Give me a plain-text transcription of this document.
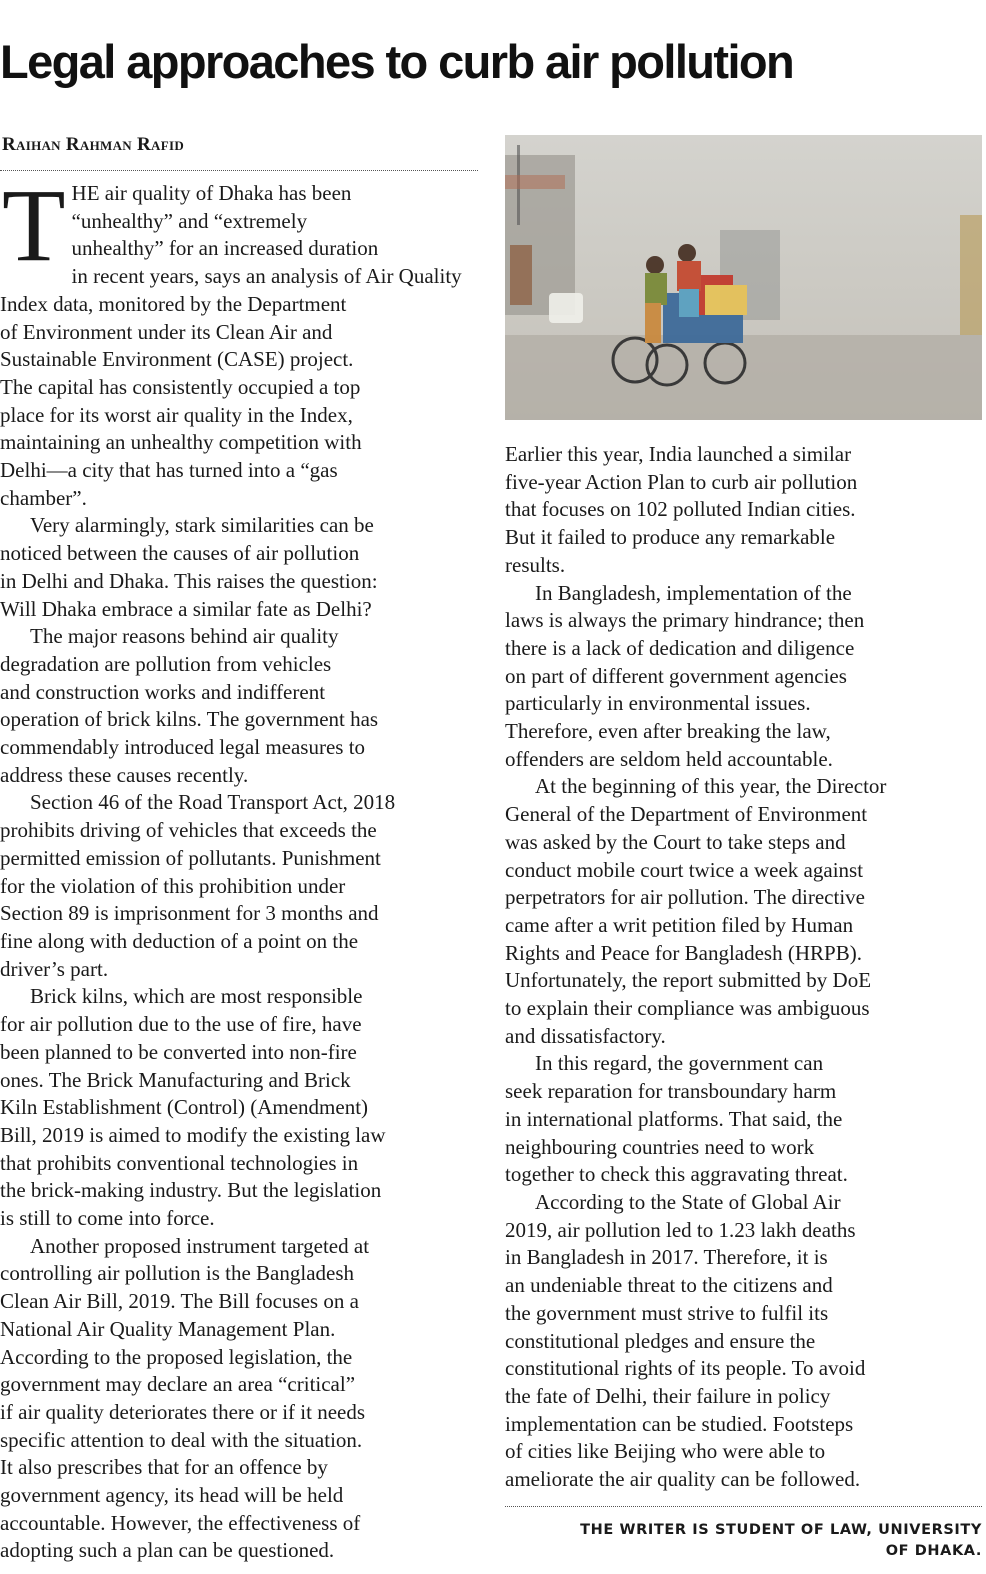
Legal approaches to curb air pollution
Raihan Rahman Rafid

THE air quality of Dhaka has been
“unhealthy” and “extremely
unhealthy” for an increased duration
in recent years, says an analysis of Air Quality
Index data, monitored by the Department
of Environment under its Clean Air and
Sustainable Environment (CASE) project.
The capital has consistently occupied a top
place for its worst air quality in the Index,
maintaining an unhealthy competition with
Delhi—a city that has turned into a “gas
chamber”.

Very alarmingly, stark similarities can be
noticed between the causes of air pollution
in Delhi and Dhaka. This raises the question:
Will Dhaka embrace a similar fate as Delhi?

The major reasons behind air quality
degradation are pollution from vehicles
and construction works and indifferent
operation of brick kilns. The government has
commendably introduced legal measures to
address these causes recently.

Section 46 of the Road Transport Act, 2018
prohibits driving of vehicles that exceeds the
permitted emission of pollutants. Punishment
for the violation of this prohibition under
Section 89 is imprisonment for 3 months and
fine along with deduction of a point on the
driver’s part.

Brick kilns, which are most responsible
for air pollution due to the use of fire, have
been planned to be converted into non-fire
ones. The Brick Manufacturing and Brick
Kiln Establishment (Control) (Amendment)
Bill, 2019 is aimed to modify the existing law
that prohibits conventional technologies in
the brick-making industry. But the legislation
is still to come into force.

Another proposed instrument targeted at
controlling air pollution is the Bangladesh
Clean Air Bill, 2019. The Bill focuses on a
National Air Quality Management Plan.
According to the proposed legislation, the
government may declare an area “critical”
if air quality deteriorates there or if it needs
specific attention to deal with the situation.
It also prescribes that for an offence by
government agency, its head will be held
accountable. However, the effectiveness of
adopting such a plan can be questioned.

Earlier this year, India launched a similar
five-year Action Plan to curb air pollution
that focuses on 102 polluted Indian cities.
But it failed to produce any remarkable
results.

In Bangladesh, implementation of the
laws is always the primary hindrance; then
there is a lack of dedication and diligence
on part of different government agencies
particularly in environmental issues.
Therefore, even after breaking the law,
offenders are seldom held accountable.

At the beginning of this year, the Director
General of the Department of Environment
was asked by the Court to take steps and
conduct mobile court twice a week against
perpetrators for air pollution. The directive
came after a writ petition filed by Human
Rights and Peace for Bangladesh (HRPB).
Unfortunately, the report submitted by DoE
to explain their compliance was ambiguous
and dissatisfactory.

In this regard, the government can
seek reparation for transboundary harm
in international platforms. That said, the
neighbouring countries need to work
together to check this aggravating threat.

According to the State of Global Air
2019, air pollution led to 1.23 lakh deaths
in Bangladesh in 2017. Therefore, it is
an undeniable threat to the citizens and
the government must strive to fulfil its
constitutional pledges and ensure the
constitutional rights of its people. To avoid
the fate of Delhi, their failure in policy
implementation can be studied. Footsteps
of cities like Beijing who were able to
ameliorate the air quality can be followed.

THE WRITER IS STUDENT OF LAW, UNIVERSITY
OF DHAKA.
